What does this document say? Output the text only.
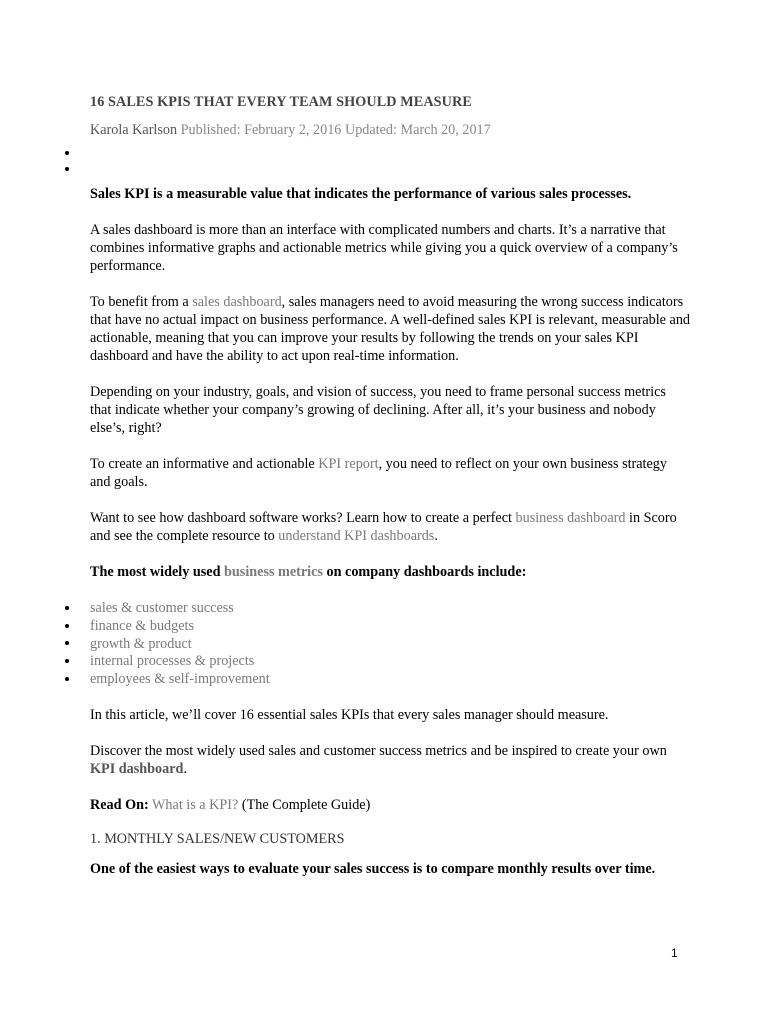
16 SALES KPIS THAT EVERY TEAM SHOULD MEASURE
Karola Karlson Published: February 2, 2016 Updated: March 20, 2017

Sales KPI is a measurable value that indicates the performance of various sales processes.

A sales dashboard is more than an interface with complicated numbers and charts. It’s a narrative that combines informative graphs and actionable metrics while giving you a quick overview of a company’s performance.

To benefit from a sales dashboard, sales managers need to avoid measuring the wrong success indicators that have no actual impact on business performance. A well-defined sales KPI is relevant, measurable and actionable, meaning that you can improve your results by following the trends on your sales KPI dashboard and have the ability to act upon real-time information.

Depending on your industry, goals, and vision of success, you need to frame personal success metrics that indicate whether your company’s growing of declining. After all, it’s your business and nobody else’s, right?

To create an informative and actionable KPI report, you need to reflect on your own business strategy and goals.

Want to see how dashboard software works? Learn how to create a perfect business dashboard in Scoro and see the complete resource to understand KPI dashboards.

The most widely used business metrics on company dashboards include:

sales & customer success
finance & budgets
growth & product
internal processes & projects
employees & self-improvement

In this article, we’ll cover 16 essential sales KPIs that every sales manager should measure.

Discover the most widely used sales and customer success metrics and be inspired to create your own KPI dashboard.

Read On: What is a KPI? (The Complete Guide)

1. MONTHLY SALES/NEW CUSTOMERS

One of the easiest ways to evaluate your sales success is to compare monthly results over time.

1
